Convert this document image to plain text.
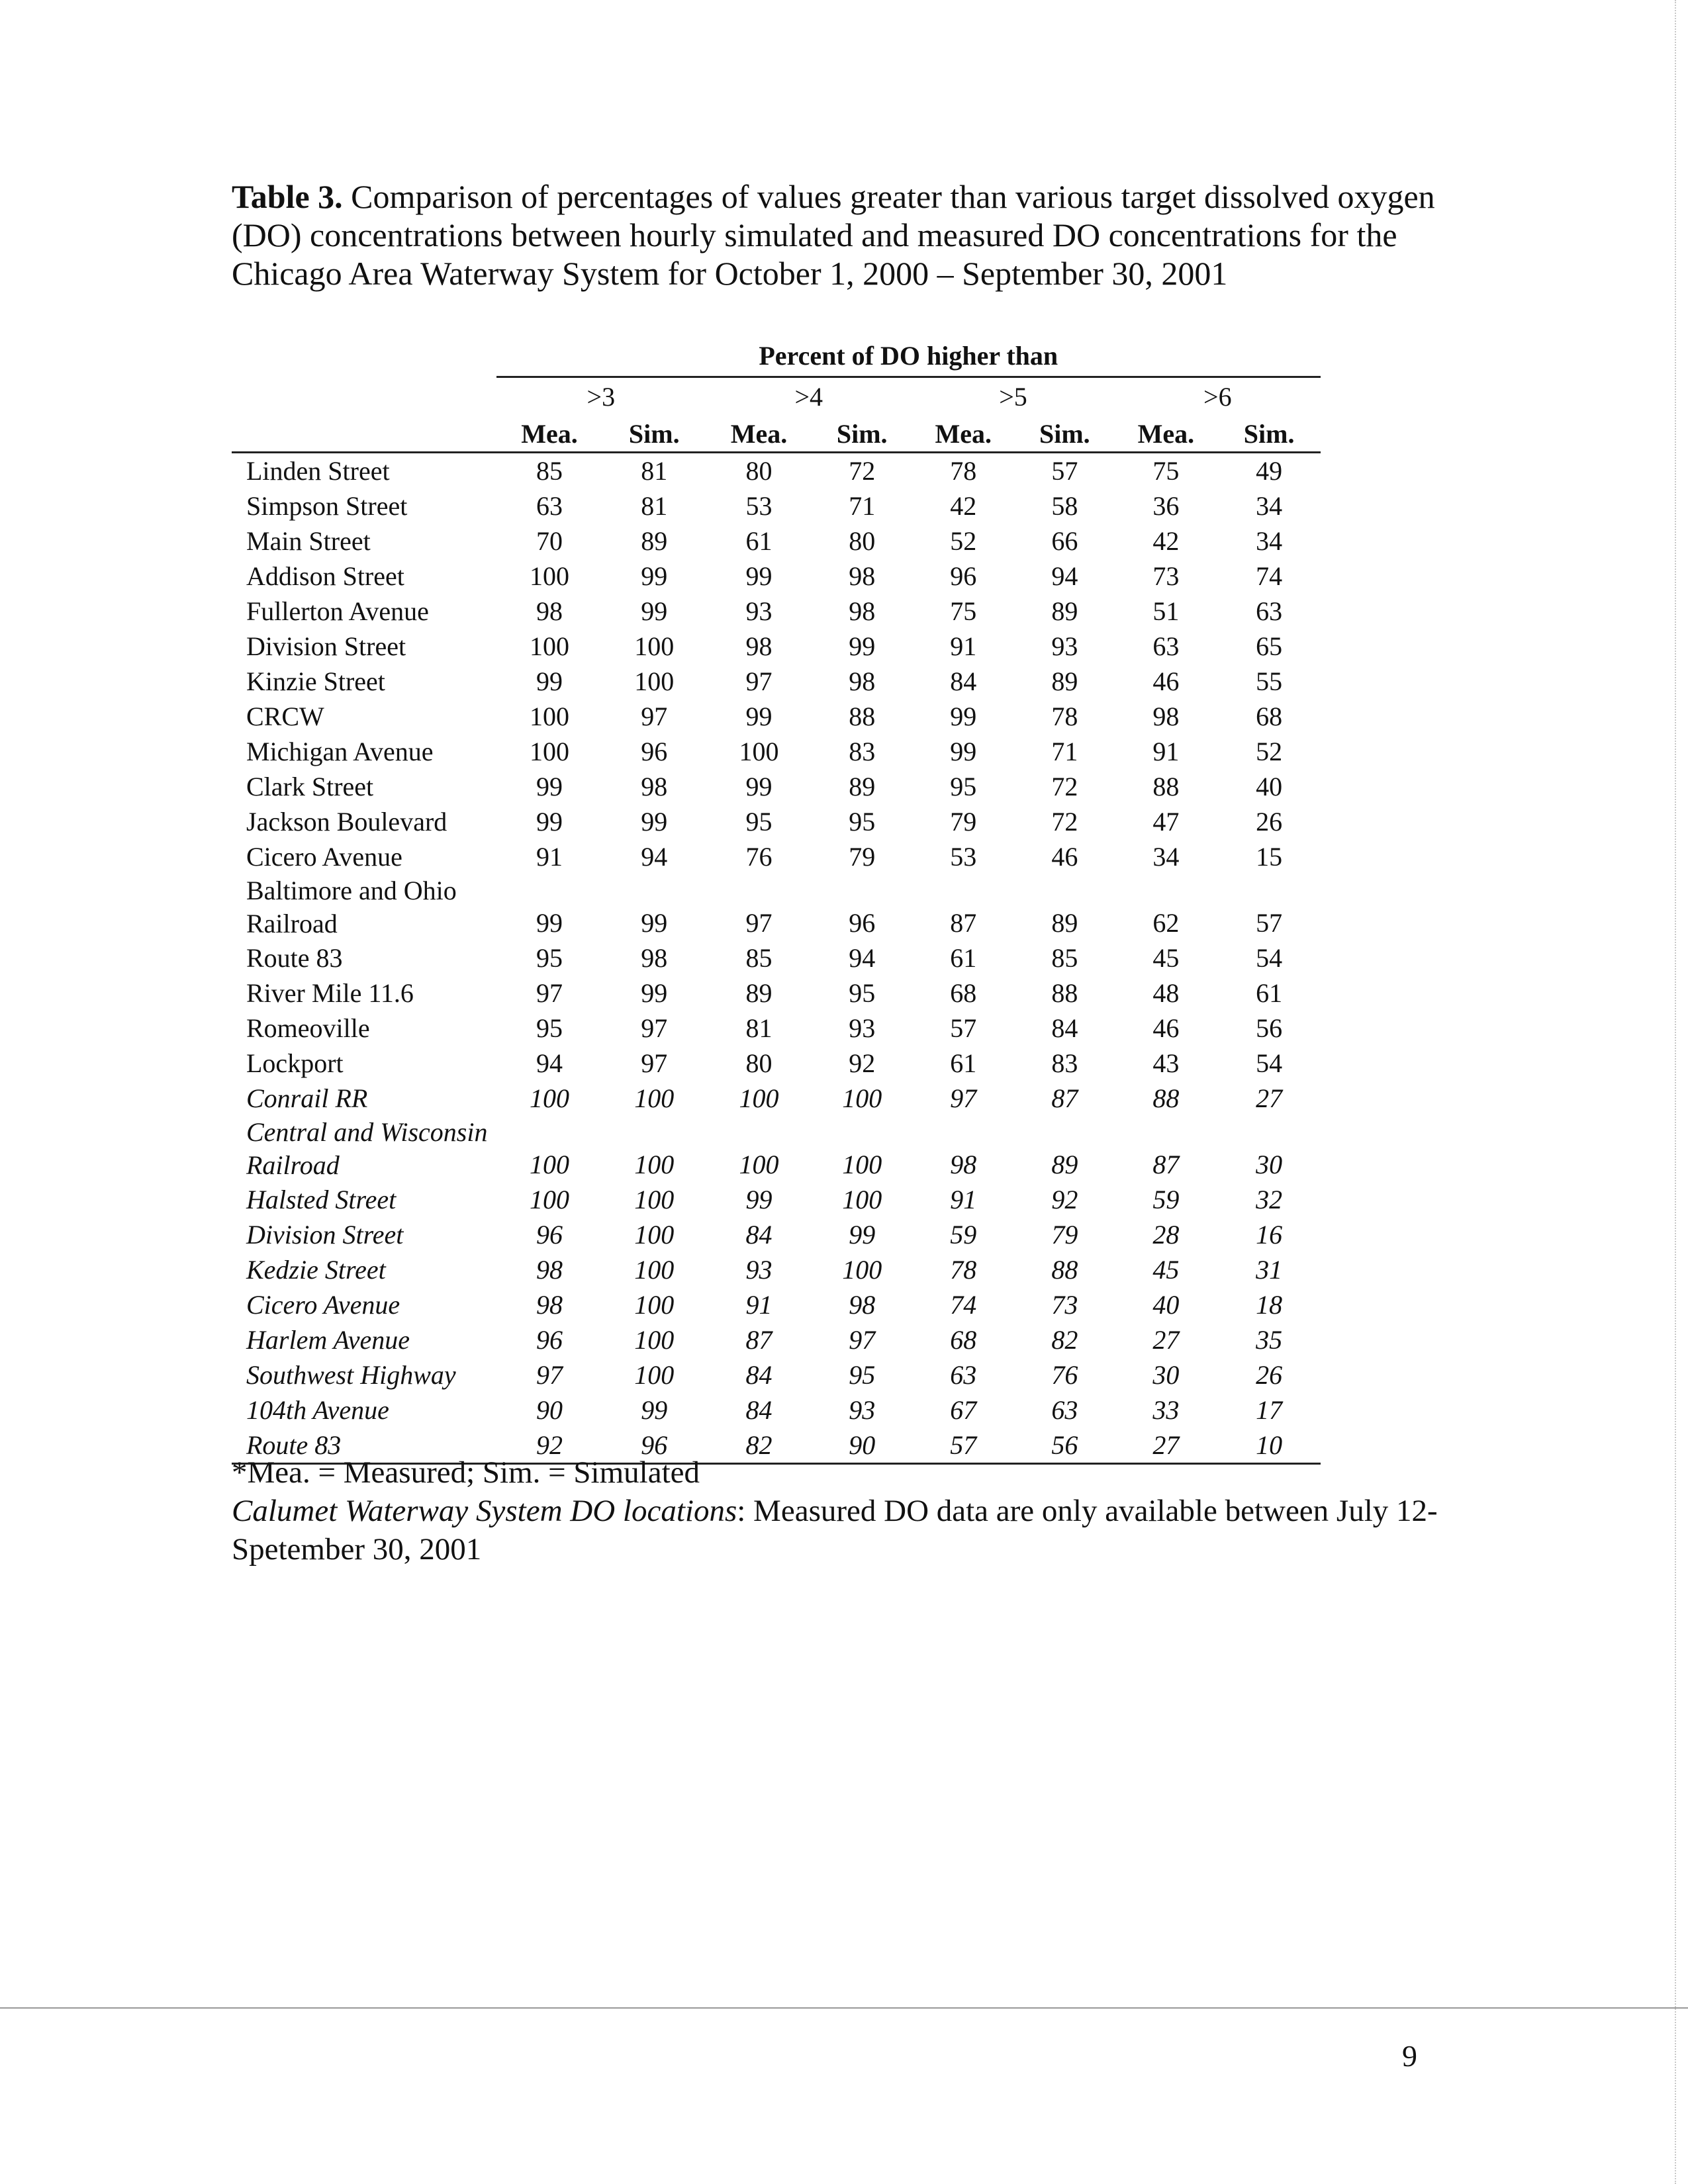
Table 3. Comparison of percentages of values greater than various target dissolved oxygen (DO) concentrations between hourly simulated and measured DO concentrations for the Chicago Area Waterway System for October 1, 2000 – September 30, 2001
	Percent of DO higher than							
	>3		>4		>5		>6	
	Mea.	Sim.	Mea.	Sim.	Mea.	Sim.	Mea.	Sim.
Linden Street	85	81	80	72	78	57	75	49
Simpson Street	63	81	53	71	42	58	36	34
Main Street	70	89	61	80	52	66	42	34
Addison Street	100	99	99	98	96	94	73	74
Fullerton Avenue	98	99	93	98	75	89	51	63
Division Street	100	100	98	99	91	93	63	65
Kinzie Street	99	100	97	98	84	89	46	55
CRCW	100	97	99	88	99	78	98	68
Michigan Avenue	100	96	100	83	99	71	91	52
Clark Street	99	98	99	89	95	72	88	40
Jackson Boulevard	99	99	95	95	79	72	47	26
Cicero Avenue	91	94	76	79	53	46	34	15
Baltimore and Ohio Railroad	99	99	97	96	87	89	62	57
Route 83	95	98	85	94	61	85	45	54
River Mile 11.6	97	99	89	95	68	88	48	61
Romeoville	95	97	81	93	57	84	46	56
Lockport	94	97	80	92	61	83	43	54
Conrail RR	100	100	100	100	97	87	88	27
Central and Wisconsin Railroad	100	100	100	100	98	89	87	30
Halsted Street	100	100	99	100	91	92	59	32
Division Street	96	100	84	99	59	79	28	16
Kedzie Street	98	100	93	100	78	88	45	31
Cicero Avenue	98	100	91	98	74	73	40	18
Harlem Avenue	96	100	87	97	68	82	27	35
Southwest Highway	97	100	84	95	63	76	30	26
104th Avenue	90	99	84	93	67	63	33	17
Route 83	92	96	82	90	57	56	27	10
*Mea. = Measured; Sim. = Simulated
Calumet Waterway System DO locations: Measured DO data are only available between July 12- Spetember 30, 2001
9
